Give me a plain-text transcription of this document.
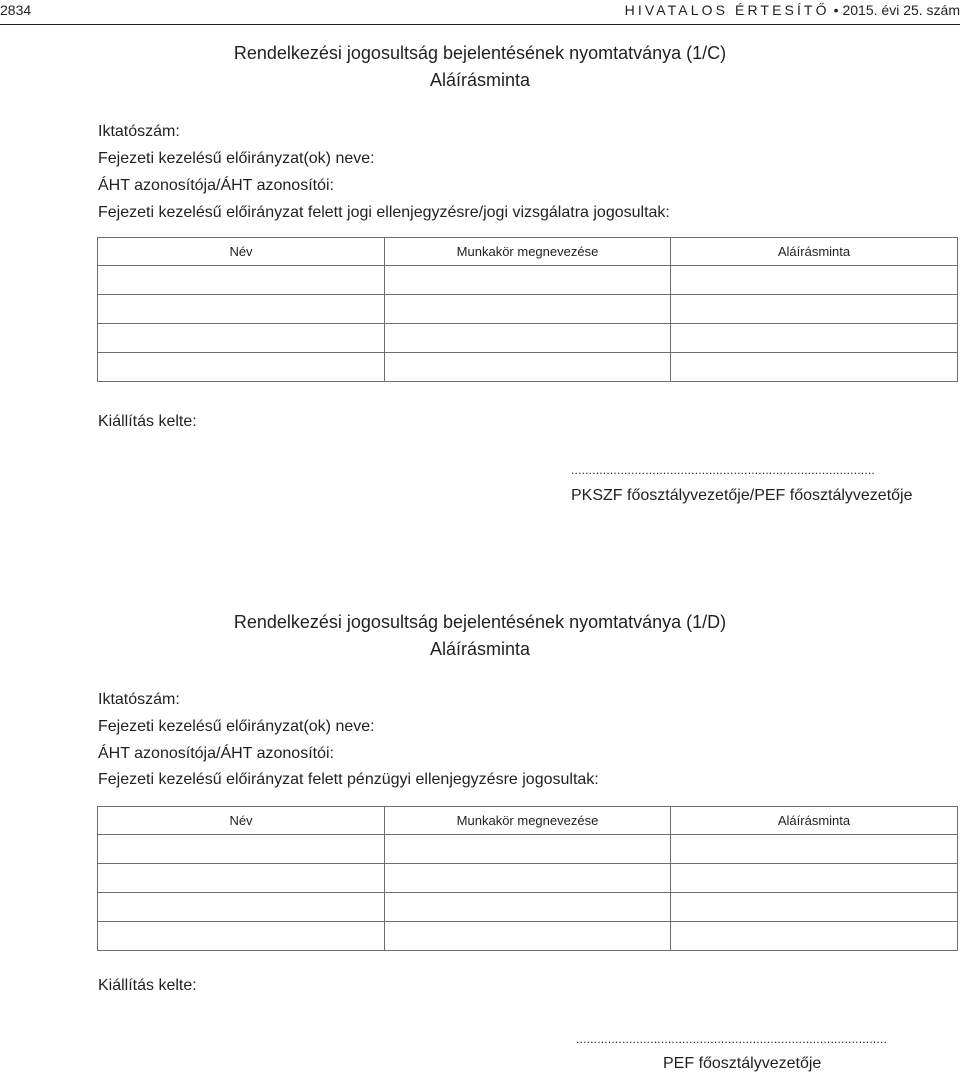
2834	HIVATALOS ÉRTESÍTŐ • 2015. évi 25. szám
Rendelkezési jogosultság bejelentésének nyomtatványa (1/C)
Aláírásminta
Iktatószám:
Fejezeti kezelésű előirányzat(ok) neve:
ÁHT azonosítója/ÁHT azonosítói:
Fejezeti kezelésű előirányzat felett jogi ellenjegyzésre/jogi vizsgálatra jogosultak:
Név	Munkakör megnevezése	Aláírásminta

Kiállítás kelte:
......................................................................................
PKSZF főosztályvezetője/PEF főosztályvezetője
Rendelkezési jogosultság bejelentésének nyomtatványa (1/D)
Aláírásminta
Iktatószám:
Fejezeti kezelésű előirányzat(ok) neve:
ÁHT azonosítója/ÁHT azonosítói:
Fejezeti kezelésű előirányzat felett pénzügyi ellenjegyzésre jogosultak:
Név	Munkakör megnevezése	Aláírásminta

Kiállítás kelte:
........................................................................................
PEF főosztályvezetője
